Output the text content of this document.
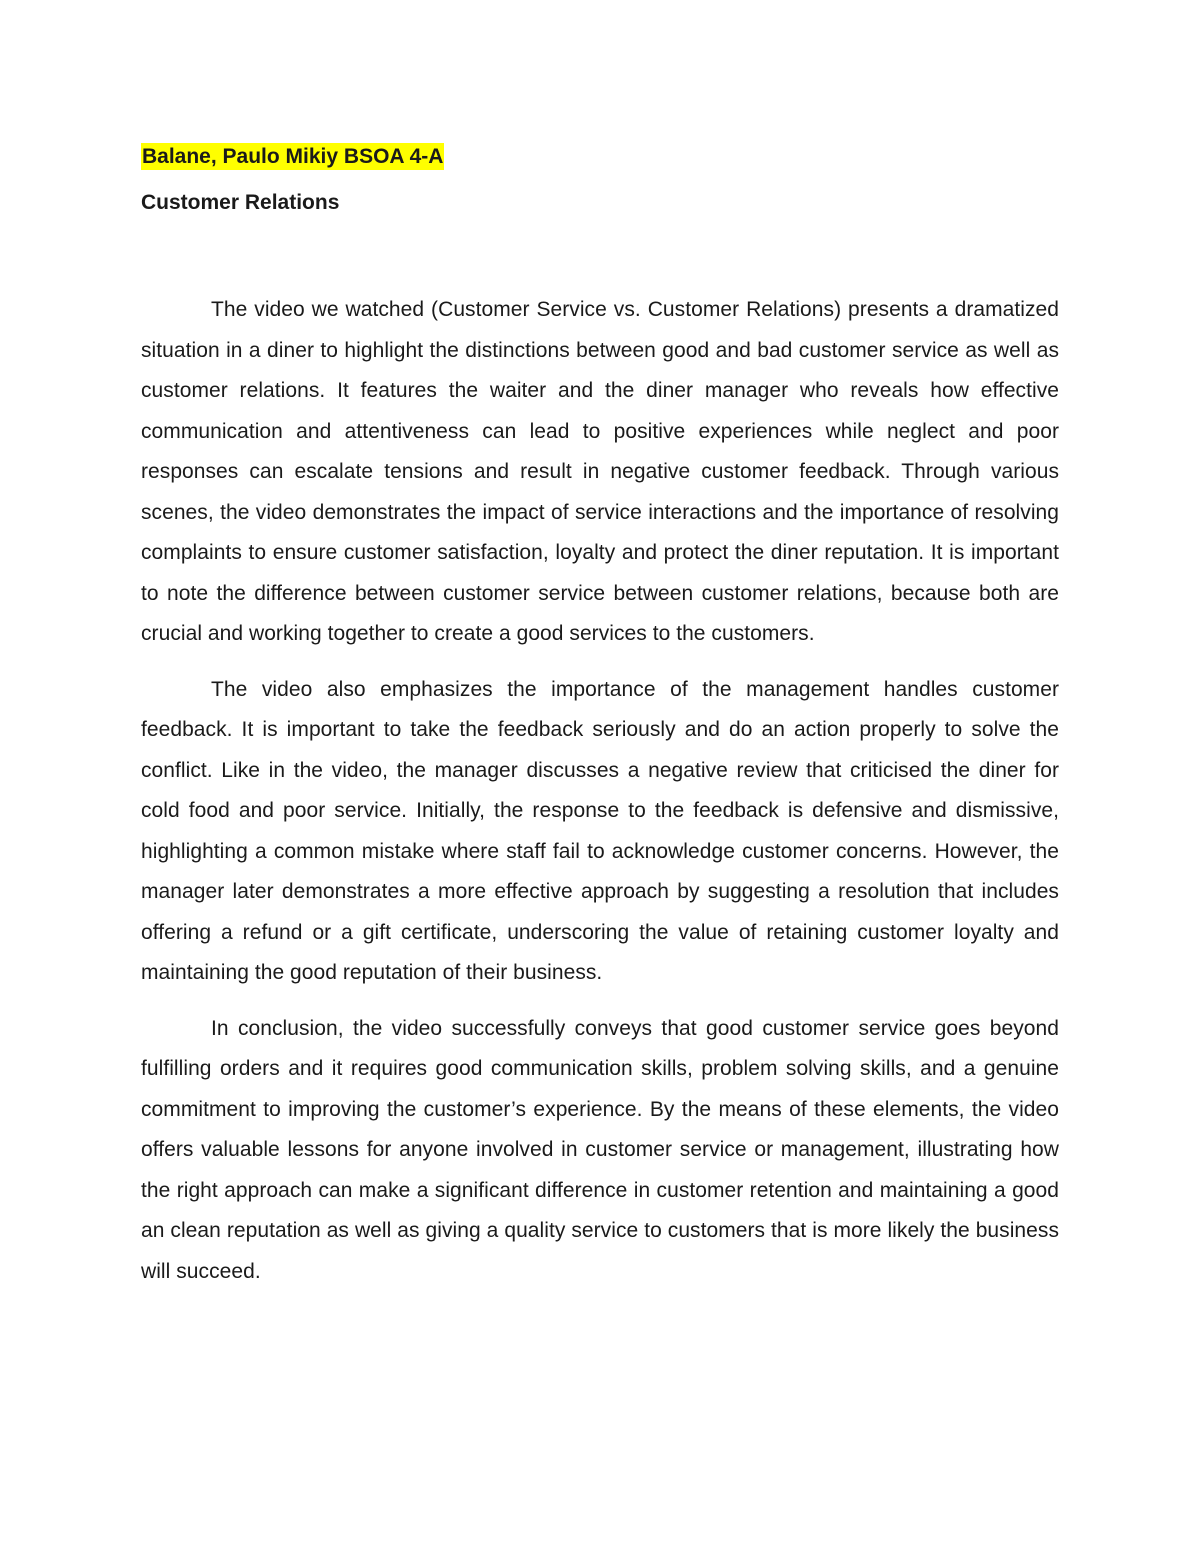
Balane, Paulo Mikiy BSOA 4-A

Customer Relations

The video we watched (Customer Service vs. Customer Relations) presents a dramatized situation in a diner to highlight the distinctions between good and bad customer service as well as customer relations. It features the waiter and the diner manager who reveals how effective communication and attentiveness can lead to positive experiences while neglect and poor responses can escalate tensions and result in negative customer feedback. Through various scenes, the video demonstrates the impact of service interactions and the importance of resolving complaints to ensure customer satisfaction, loyalty and protect the diner reputation. It is important to note the difference between customer service between customer relations, because both are crucial and working together to create a good services to the customers.

The video also emphasizes the importance of the management handles customer feedback. It is important to take the feedback seriously and do an action properly to solve the conflict. Like in the video, the manager discusses a negative review that criticised the diner for cold food and poor service. Initially, the response to the feedback is defensive and dismissive, highlighting a common mistake where staff fail to acknowledge customer concerns. However, the manager later demonstrates a more effective approach by suggesting a resolution that includes offering a refund or a gift certificate, underscoring the value of retaining customer loyalty and maintaining the good reputation of their business.

In conclusion, the video successfully conveys that good customer service goes beyond fulfilling orders and it requires good communication skills, problem solving skills, and a genuine commitment to improving the customer’s experience. By the means of these elements, the video offers valuable lessons for anyone involved in customer service or management, illustrating how the right approach can make a significant difference in customer retention and maintaining a good an clean reputation as well as giving a quality service to customers that is more likely the business will succeed.
